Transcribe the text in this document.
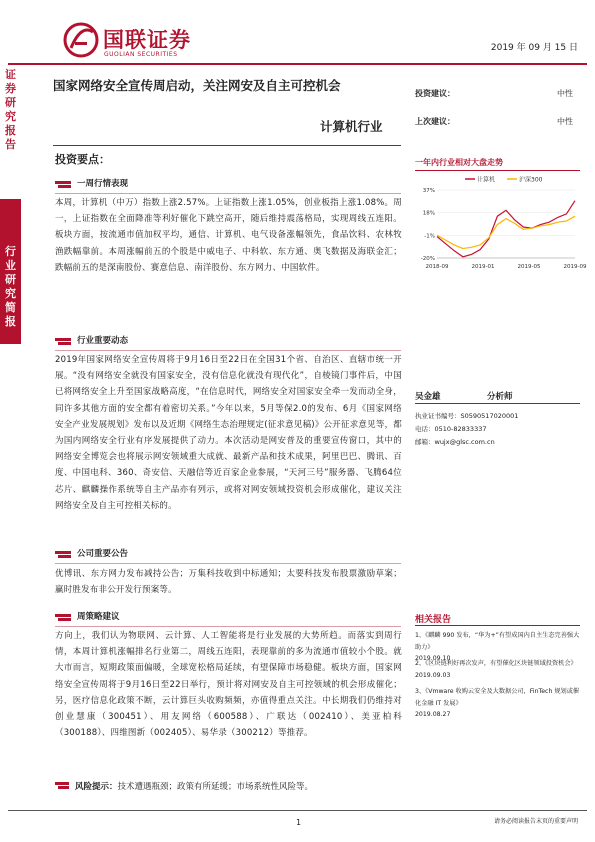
国联证券
GUOLIAN SECURITIES
2019 年 09 月 15 日
证券研究报告
行业研究简报
国家网络安全宣传周启动，关注网安及自主可控机会
计算机行业
投资建议：	中性
上次建议：	中性
投资要点：
一周行情表现
本周，计算机（中万）指数上涨2.57%。上证指数上涨1.05%，创业板指上涨1.08%。周一，上证指数在全面降准等利好催化下跳空高开，随后维持震荡格局，实现周线五连阳。板块方面，按流通市值加权平均，通信、计算机、电气设备涨幅领先，食品饮料、农林牧渔跌幅靠前。本周涨幅前五的个股是中威电子、中科软、东方通、奥飞数据及海联金汇；跌幅前五的是深南股份、赛意信息、南洋股份、东方网力、中国软件。
行业重要动态
2019年国家网络安全宣传周将于9月16日至22日在全国31个省、自治区、直辖市统一开展。“没有网络安全就没有国家安全，没有信息化就没有现代化”，自棱镜门事件后，中国已将网络安全上升至国家战略高度，“在信息时代，网络安全对国家安全牵一发而动全身，同许多其他方面的安全都有着密切关系。”今年以来，5月等保2.0的发布、6月《国家网络安全产业发展规划》发布以及近期《网络生态治理规定(征求意见稿)》公开征求意见等，都为国内网络安全行业有序发展提供了动力。本次活动是网安普及的重要宣传窗口，其中的网络安全博览会也将展示网安领域重大成就、最新产品和技术成果，阿里巴巴、腾讯、百度、中国电科、360、奇安信、天融信等近百家企业参展，“天河三号”服务器、飞腾64位芯片、麒麟操作系统等自主产品亦有列示，或将对网安领域投资机会形成催化，建议关注网络安全及自主可控相关标的。
公司重要公告
优博讯、东方网力发布减持公告；万集科技收到中标通知；太要科技发布股票激励草案；赢时胜发布非公开发行预案等。
周策略建议
方向上，我们认为物联网、云计算、人工智能将是行业发展的大势所趋。而落实到周行情，本周计算机涨幅排名行业第二，周线五连阳，表现靠前的多为流通市值较小个股。就大市而言，短期政策面偏暖，全球宽松格局延续，有望保障市场稳健。板块方面，国家网络安全宣传周将于9月16日至22日举行，预计将对网安及自主可控领域的机会形成催化；另，医疗信息化政策不断，云计算巨头收购频频，亦值得重点关注。中长期我们仍维持对创业慧康（300451）、用友网络（600588）、广联达（002410）、美亚柏科（300188）、四维图新（002405）、易华录（300212）等推荐。
风险提示：技术遭遇瓶颈；政策有所延缓；市场系统性风险等。
一年内行业相对大盘走势
计算机	沪深300
37%
18%
-1%
-20%
2018-09	2019-01	2019-05	2019-09
吴金雄	分析师
执业证书编号：S0590517020001
电话：0510-82833337
邮箱：wujx@glsc.com.cn
相关报告
1、《麒麟 990 发布，“华为+”有望成国内自主生态完善强大助力》
2019.09.10
2、《区块链利好再次发声，有望催化区块链领域投资机会》
2019.09.03
3、《Vmware 收购云安全及大数据公司，FinTech 规划或催化金融 IT 发展》
2019.08.27
1	请务必阅读报告末页的重要声明
